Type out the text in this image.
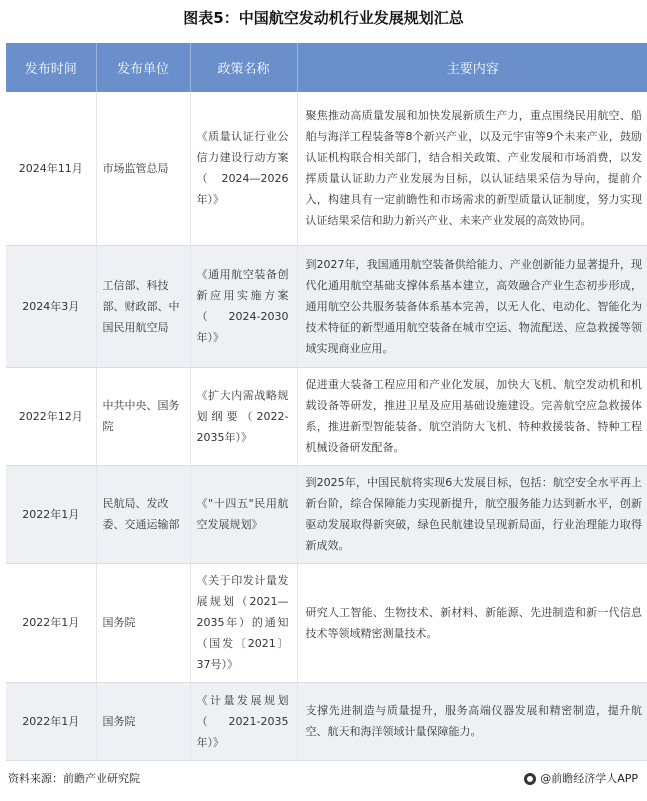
图表5：中国航空发动机行业发展规划汇总
发布时间	发布单位	政策名称	主要内容
2024年11月	市场监管总局	《质量认证行业公信力建设行动方案（2024—2026年）》	聚焦推动高质量发展和加快发展新质生产力，重点围绕民用航空、船舶与海洋工程装备等8个新兴产业，以及元宇宙等9个未来产业，鼓励认证机构联合相关部门，结合相关政策、产业发展和市场消费，以发挥质量认证助力产业发展为目标，以认证结果采信为导向，提前介入，构建具有一定前瞻性和市场需求的新型质量认证制度，努力实现认证结果采信和助力新兴产业、未来产业发展的高效协同。
2024年3月	工信部、科技部、财政部、中国民用航空局	《通用航空装备创新应用实施方案（2024-2030年）》	到2027年，我国通用航空装备供给能力、产业创新能力显著提升，现代化通用航空基础支撑体系基本建立，高效融合产业生态初步形成，通用航空公共服务装备体系基本完善，以无人化、电动化、智能化为技术特征的新型通用航空装备在城市空运、物流配送、应急救援等领域实现商业应用。
2022年12月	中共中央、国务院	《扩大内需战略规划纲要（2022-2035年）》	促进重大装备工程应用和产业化发展，加快大飞机、航空发动机和机载设备等研发，推进卫星及应用基础设施建设。完善航空应急救援体系，推进新型智能装备、航空消防大飞机、特种救援装备、特种工程机械设备研发配备。
2022年1月	民航局、发改委、交通运输部	《"十四五"民用航空发展规划》	到2025年，中国民航将实现6大发展目标，包括：航空安全水平再上新台阶，综合保障能力实现新提升，航空服务能力达到新水平，创新驱动发展取得新突破，绿色民航建设呈现新局面，行业治理能力取得新成效。
2022年1月	国务院	《关于印发计量发展规划（2021—2035年）的通知（国发〔2021〕37号）》	研究人工智能、生物技术、新材料、新能源、先进制造和新一代信息技术等领域精密测量技术。
2022年1月	国务院	《计量发展规划（2021-2035年）》	支撑先进制造与质量提升，服务高端仪器发展和精密制造，提升航空、航天和海洋领域计量保障能力。
资料来源：前瞻产业研究院	@前瞻经济学人APP
